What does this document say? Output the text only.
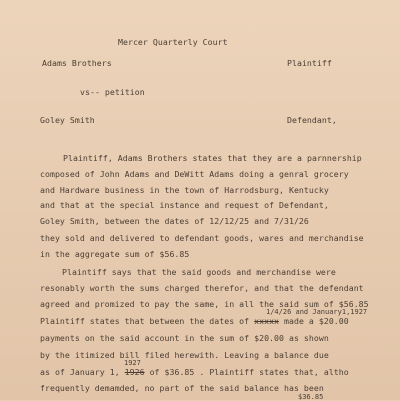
Mercer Quarterly Court
Adams Brothers	Plaintiff
vs-- petition
Goley Smith	Defendant,
Plaintiff, Adams Brothers states that they are a parnnership
composed of John Adams and DeWitt Adams doing a genral grocery
and Hardware business in the town of Harrodsburg, Kentucky
and that at the special instance and request of Defendant,
Goley Smith, between the dates of 12/12/25 and 7/31/26
they sold and delivered to defendant goods, wares and merchandise
in the aggregate sum of $56.85
Plaintiff says that the said goods and merchandise were
resonably worth the sums charged therefor, and that the defendant
agreed and promized to pay the same, in all the said sum of $56.85
1/4/26 and January1,1927
Plaintiff states that between the dates of xxxxx made a $20.00
payments on the said account in the sum of $20.00 as shown
by the itimized bill filed herewith. Leaving a balance due
1927
as of January 1, 1926 of $36.85 . Plaintiff states that, altho
frequently demamded, no part of the said balance has been
$36.85
